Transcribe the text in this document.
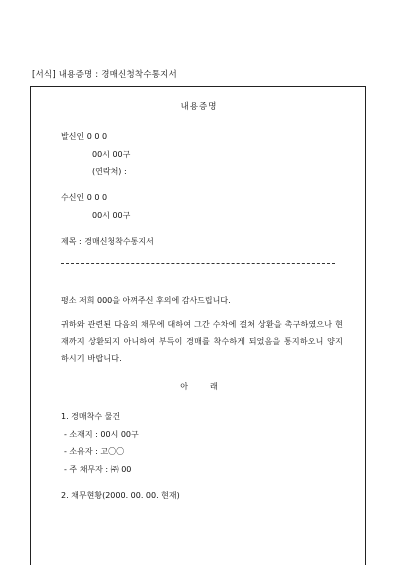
[서식] 내용증명 : 경매신청착수통지서
내용증명
발신인 0 0 0
00시 00구
(연락처) :
수신인 0 0 0
00시 00구
제목 : 경매신청착수통지서
평소 저희 000을 아껴주신 후의에 감사드립니다.
귀하와 관련된 다음의 채무에 대하여 그간 수차에 걸쳐 상환을 촉구하였으나 현재까지 상환되지 아니하여 부득이 경매를 착수하게 되었음을 통지하오니 양지하시기 바랍니다.
아래
1. 경매착수 물건
- 소재지 : 00시 00구
- 소유자 : 고〇〇
- 주 채무자 : ㈜ 00
2. 채무현황(2000. 00. 00. 현재)
